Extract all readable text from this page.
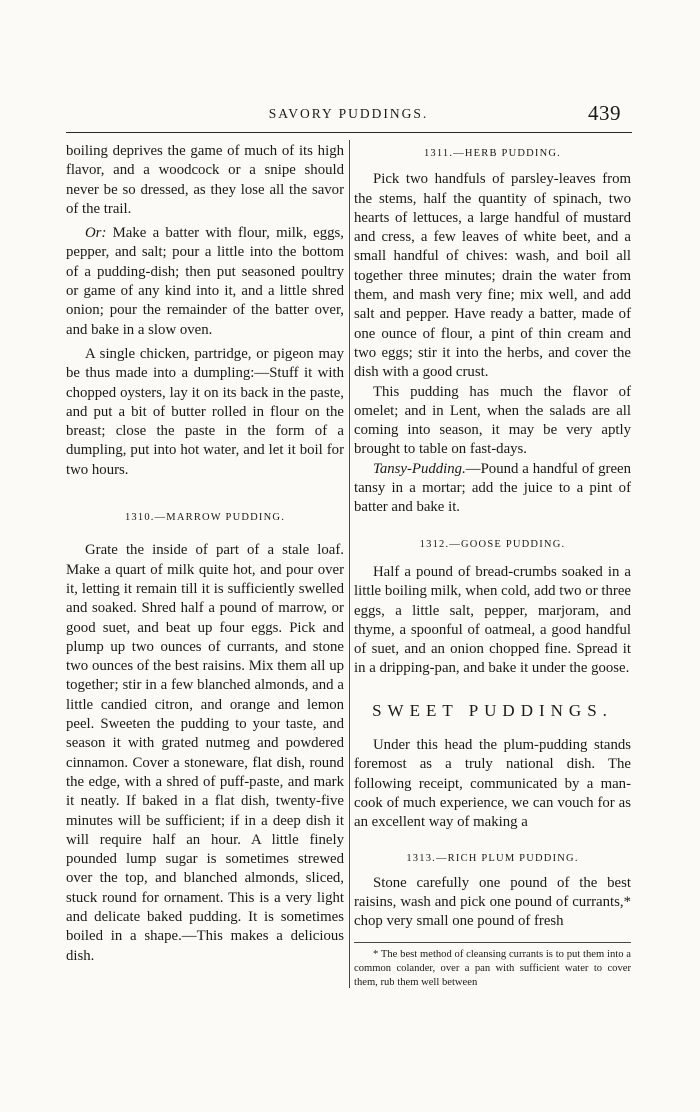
SAVORY PUDDINGS.	439

boiling deprives the game of much of its high flavor, and a woodcock or a snipe should never be so dressed, as they lose all the savor of the trail.

Or: Make a batter with flour, milk, eggs, pepper, and salt; pour a little into the bottom of a pudding-dish; then put seasoned poultry or game of any kind into it, and a little shred onion; pour the remainder of the batter over, and bake in a slow oven.

A single chicken, partridge, or pigeon may be thus made into a dumpling:—Stuff it with chopped oysters, lay it on its back in the paste, and put a bit of butter rolled in flour on the breast; close the paste in the form of a dumpling, put into hot water, and let it boil for two hours.

1310.—MARROW PUDDING.

Grate the inside of part of a stale loaf. Make a quart of milk quite hot, and pour over it, letting it remain till it is sufficiently swelled and soaked. Shred half a pound of marrow, or good suet, and beat up four eggs. Pick and plump up two ounces of currants, and stone two ounces of the best raisins. Mix them all up together; stir in a few blanched almonds, and a little candied citron, and orange and lemon peel. Sweeten the pudding to your taste, and season it with grated nutmeg and powdered cinnamon. Cover a stoneware, flat dish, round the edge, with a shred of puff-paste, and mark it neatly. If baked in a flat dish, twenty-five minutes will be sufficient; if in a deep dish it will require half an hour. A little finely pounded lump sugar is sometimes strewed over the top, and blanched almonds, sliced, stuck round for ornament. This is a very light and delicate baked pudding. It is sometimes boiled in a shape.—This makes a delicious dish.

1311.—HERB PUDDING.

Pick two handfuls of parsley-leaves from the stems, half the quantity of spinach, two hearts of lettuces, a large handful of mustard and cress, a few leaves of white beet, and a small handful of chives: wash, and boil all together three minutes; drain the water from them, and mash very fine; mix well, and add salt and pepper. Have ready a batter, made of one ounce of flour, a pint of thin cream and two eggs; stir it into the herbs, and cover the dish with a good crust.

This pudding has much the flavor of omelet; and in Lent, when the salads are all coming into season, it may be very aptly brought to table on fast-days.

Tansy-Pudding.—Pound a handful of green tansy in a mortar; add the juice to a pint of batter and bake it.

1312.—GOOSE PUDDING.

Half a pound of bread-crumbs soaked in a little boiling milk, when cold, add two or three eggs, a little salt, pepper, marjoram, and thyme, a spoonful of oatmeal, a good handful of suet, and an onion chopped fine. Spread it in a dripping-pan, and bake it under the goose.

SWEET PUDDINGS.

Under this head the plum-pudding stands foremost as a truly national dish. The following receipt, communicated by a man-cook of much experience, we can vouch for as an excellent way of making a

1313.—RICH PLUM PUDDING.

Stone carefully one pound of the best raisins, wash and pick one pound of currants,* chop very small one pound of fresh

* The best method of cleansing currants is to put them into a common colander, over a pan with sufficient water to cover them, rub them well between
